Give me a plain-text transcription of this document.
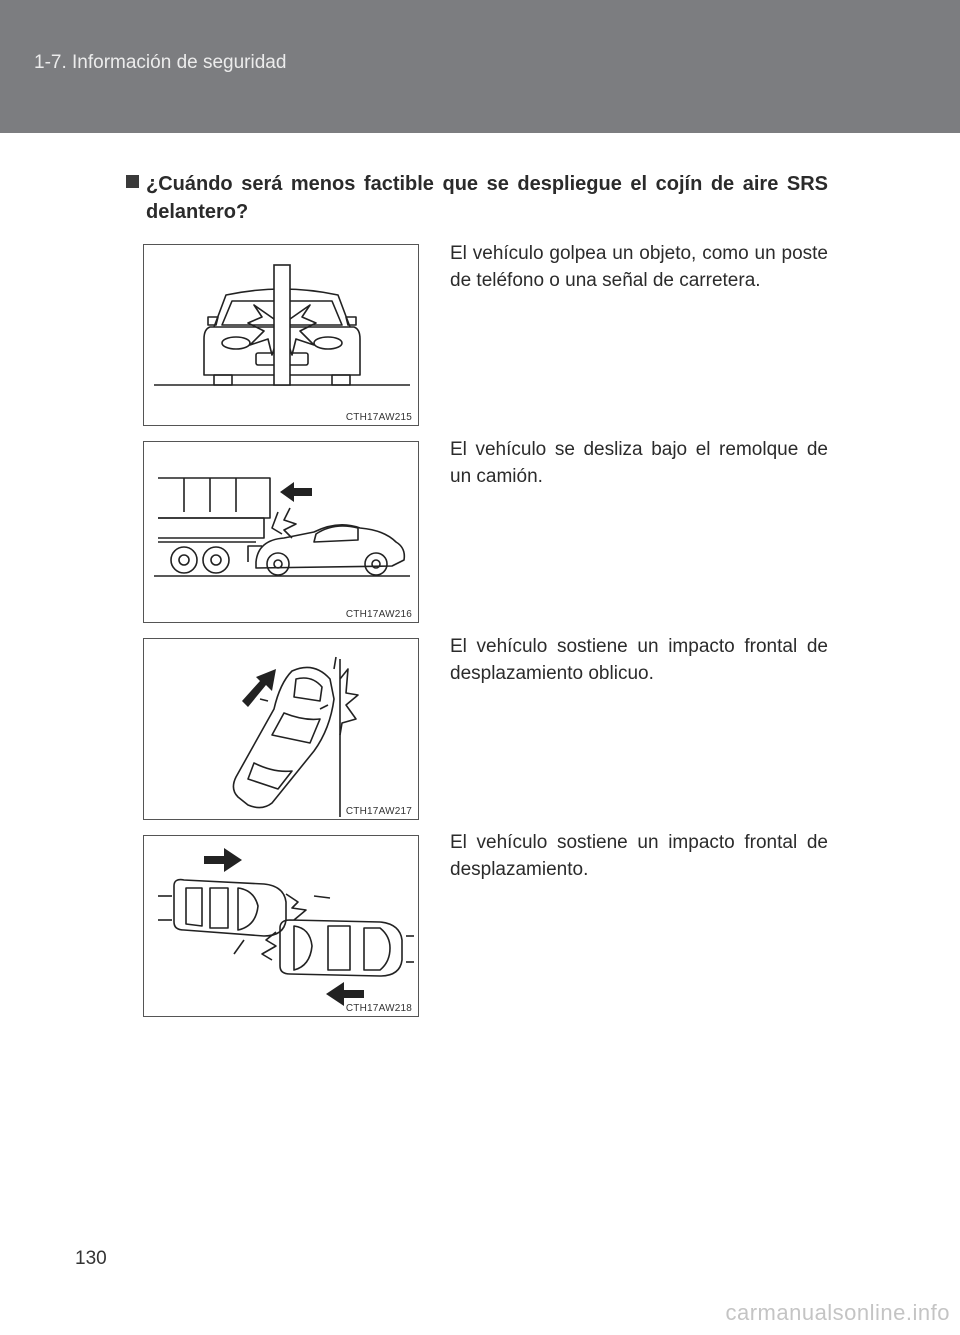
1-7. Información de seguridad
¿Cuándo será menos factible que se despliegue el cojín de aire SRS delantero?
CTH17AW215
El vehículo golpea un objeto, como un poste de teléfono o una señal de carretera.
CTH17AW216
El vehículo se desliza bajo el remolque de un camión.
CTH17AW217
El vehículo sostiene un impacto frontal de desplazamiento oblicuo.
CTH17AW218
El vehículo sostiene un impacto frontal de desplazamiento.
130
carmanualsonline.info
